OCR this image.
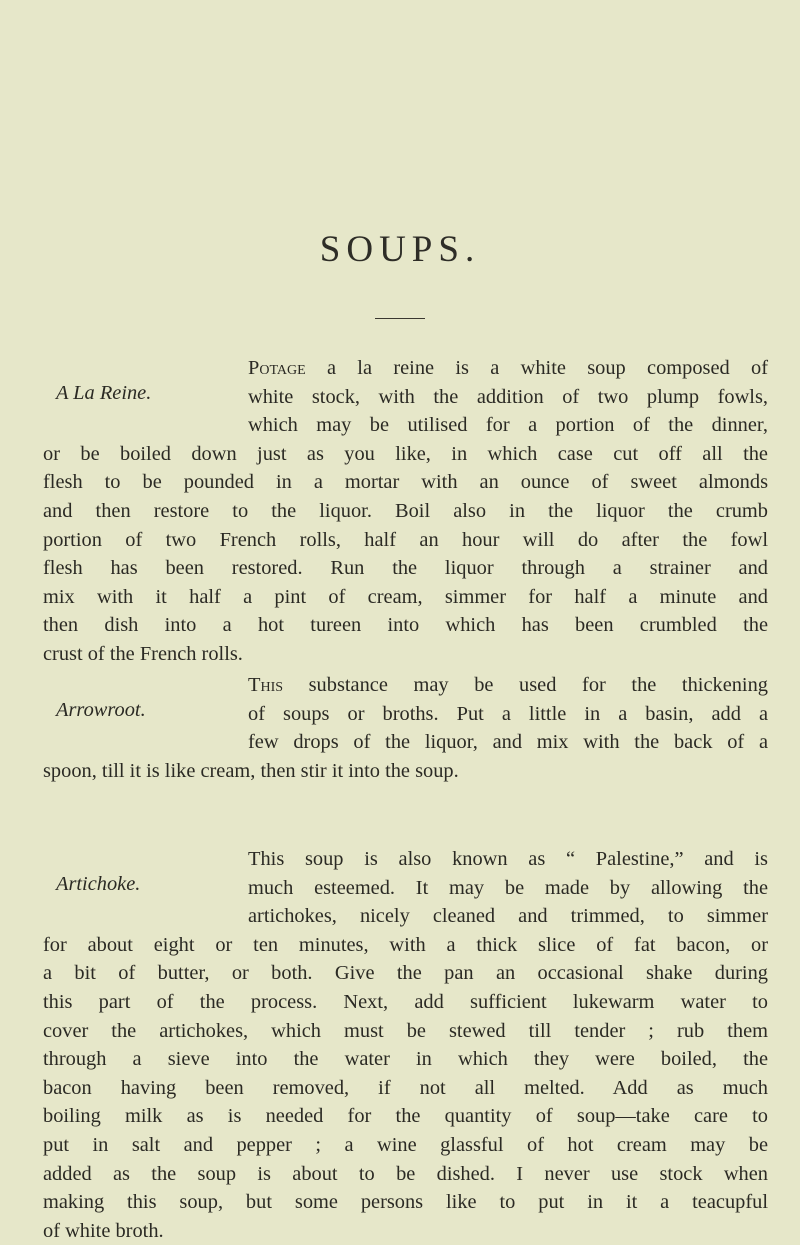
SOUPS.
A La Reine.
Potage a la reine is a white soup composed of
white stock, with the addition of two plump fowls,
which may be utilised for a portion of the dinner,
or be boiled down just as you like, in which case cut off all the
flesh to be pounded in a mortar with an ounce of sweet almonds
and then restore to the liquor. Boil also in the liquor the crumb
portion of two French rolls, half an hour will do after the fowl
flesh has been restored. Run the liquor through a strainer and
mix with it half a pint of cream, simmer for half a minute and
then dish into a hot tureen into which has been crumbled the
crust of the French rolls.
Arrowroot.
This substance may be used for the thickening
of soups or broths. Put a little in a basin, add a
few drops of the liquor, and mix with the back of a
spoon, till it is like cream, then stir it into the soup.
Artichoke.
This soup is also known as “ Palestine,” and is
much esteemed. It may be made by allowing the
artichokes, nicely cleaned and trimmed, to simmer
for about eight or ten minutes, with a thick slice of fat bacon, or
a bit of butter, or both. Give the pan an occasional shake during
this part of the process. Next, add sufficient lukewarm water to
cover the artichokes, which must be stewed till tender ; rub them
through a sieve into the water in which they were boiled, the
bacon having been removed, if not all melted. Add as much
boiling milk as is needed for the quantity of soup—take care to
put in salt and pepper ; a wine glassful of hot cream may be
added as the soup is about to be dished. I never use stock when
making this soup, but some persons like to put in it a teacupful
of white broth.
